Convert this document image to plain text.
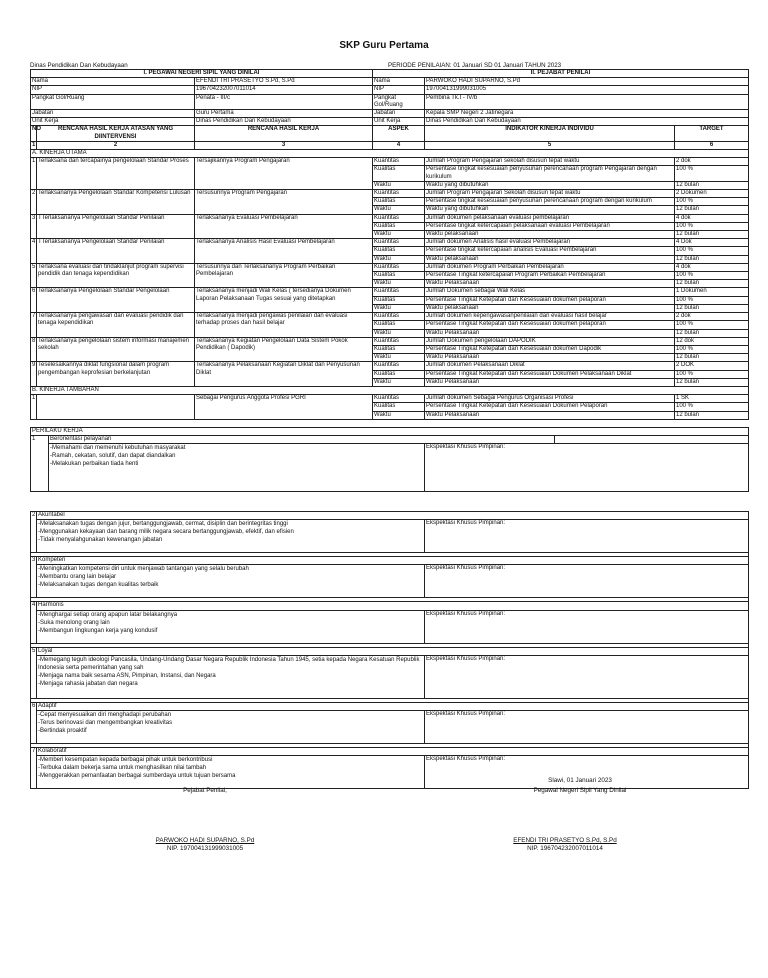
SKP Guru Pertama
Dinas Pendidikan Dan Kebudayaan	PERIODE PENILAIAN: 01 Januari SD 01 Januari TAHUN 2023
I. PEGAWAI NEGERI SIPIL YANG DINILAI			II. PEJABAT PENILAI		
Nama		EFENDI TRI PRASETYO S.Pd, S.Pd	Nama	PARWOKO HADI SUPARNO, S.Pd	
NIP		196704232007011014	NIP	197004131999031005	
Pangkat Gol/Ruang		Penata - III/c	Pangkat Gol/Ruang	Pembina Tk.I - IV/b	
Jabatan		Guru Pertama	Jabatan	Kepala SMP Negeri 2 Jatinegara	
Unit Kerja		Dinas Pendidikan Dan Kebudayaan	Unit Kerja	Dinas Pendidikan Dan Kebudayaan	
NO	RENCANA HASIL KERJA ATASAN YANG DIINTERVENSI	RENCANA HASIL KERJA	ASPEK	INDIKATOR KINERJA INDIVIDU	TARGET
1	2	3	4	5	6
A. KINERJA UTAMA					
1	Terlaksana dan tercapainya pengelolaan Standar Proses	Tersajikannya Program Pengajaran	Kuantitas	Jumlah Program Pengajaran sekolah disusun tepat waktu	2 dok
			Kualitas	Persentase tingkat kesesuaian penyusunan perencanaan program Pengajaran dengan kurikulum	100 %
			Waktu	Waktu yang dibutuhkan	12 bulan
2	Terlaksananya Pengelolaan Standar Kompetensi Lulusan	Tersusunnya Program Pengajaran	Kuantitas	Jumlah Program Pengajaran Sekolah disusun tepat waktu	2 Dokumen
			Kualitas	Persentase tingkat kesesuaian penyusunan perencanaan program dengan kurikulum	100 %
			Waktu	Waktu yang dibutuhkan	12 bulan
3	TTerlaksananya Pengelolaan Standar Penilaian	Terlaksananya Evaluasi Pembelajaran	Kuantitas	Jumlah dokumen pelaksanaan evaluasi pembelajaran	4 dok
			Kualitas	Persentase tingkat ketercapaian pelaksanaan evaluasi Pembelajaran	100 %
			Waktu	Waktu pelaksanaan	12 bulan
4	TTerlaksananya Pengelolaan Standar Penilaian	Terlaksananya Analisis Hasil Evaluasi Pembelajaran	Kuantitas	Jumlah dokumen Analisis hasil evaluasi Pembelajaran	4 Dok
			Kualitas	Persentase tingkat ketercapaian analisis Evaluasi Pembelajaran	100 %
			Waktu	Waktu pelaksanaan	12 bulan
5	Terlaksana evaluasi dan tindaklanjut program supervisi pendidik dan tenaga kependidikan	Tersusunnya dan Terlaksananya Program Perbaikan Pembelajaran	Kuantitas	Jumlah dokumen Program Perbaikan Pembelajaran	4 dok
			Kualitas	Persentase Tingkat ketercapaian Program Perbaikan Pembelajaran	100 %
			Waktu	Waktu Pelaksanaan	12 bulan
6	Terlaksananya Pengelolaan Standar Pengelolaan	Terlaksananya menjadi Wali Kelas ( tersedianya Dokumen Laporan Pelaksanaan Tugas sesuai yang ditetapkan	Kuantitas	Jumlah Dokumen sebagai Wali Kelas	1 Dokumen
			Kualitas	Persentase Tingkat Ketepatan dan Kesesuaian dokumen pelaporan	100 %
			Waktu	Waktu pelaksanaan	12 bulan
7	Terlaksananya pengawasan dan evaluasi pendidik dan tenaga kependidikan	Terlaksananya menjadi pengawas penilaian dan evaluasi terhadap proses dan hasil belajar	Kuantitas	Jumlah dokumen kepengawasanpenilaian dan evaluasi hasil belajar	2 dok
			Kualitas	Persentase Tingkat Ketepatan dan Kesesuaian dokumen pelaporan	100 %
			Waktu	Waktu Pelaksanaan	12 bulan
8	Terlaksananya pengelolaan sistem informasi manajemen sekolah	Terlaksananya Kegiatan Pengelolaan Data Sistem Pokok Pendidikan ( Dapodik)	Kuantitas	Jumlah Dokumen pengelolaan DAPODIK	12 dok
			Kualitas	Persentase Tingkat Ketepatan dan Kesesuaian dokumen Dapodik	100 %
			Waktu	Waktu Pelaksanaan	12 bulan
9	Teselesaikannya diklat fungsional dalam program pengembangan keprofesian berkelanjutan	Terlaksananya Pelaksanaan Kegiatan Diklat dan Penyusunan Diklat	Kuantitas	Jumlah dokumen Pelaksanaan Diklat	2 DOK
			Kualitas	Persentase Tingkat Ketepatan dan Kesesuaian Dokumen Pelaksanaan Diklat	100 %
			Waktu	Waktu Pelaksanaan	12 bulan
B. KINERJA TAMBAHAN					
1		Sebagai Pengurus Anggota Profesi PGRI	Kuantitas	Jumlah dokumen Sebagai Pengurus Organisasi Profesi	1 SK
			Kualitas	Persentase Tingkat Ketepatan dan Kesesuaian Dokumen Pelaporan	100 %
			Waktu	Waktu Pelaksanaan	12 bulan
PERILAKU KERJA			
1	Berorientasi pelayanan		

	-Memahami dan memenuhi kebutuhan masyarakat
-Ramah, cekatan, solutif, dan dapat diandalkan
-Melakukan perbaikan tiada henti	Ekspektasi Khusus Pimpinan:	
2	Akuntabel	

	-Melaksanakan tugas dengan jujur, bertanggungjawab, cermat, disiplin dan berintegritas tinggi
-Menggunakan kekayaan dan barang milik negara secara bertanggungjawab, efektif, dan efisien
-Tidak menyalahgunakan kewenangan jabatan	Ekspektasi Khusus Pimpinan:

3	Kompeten	

	-Meningkatkan kompetensi diri untuk menjawab tantangan yang selalu berubah
-Membantu orang lain belajar
-Melaksanakan tugas dengan kualitas terbaik	Ekspektasi Khusus Pimpinan:

4	Harmonis	

	-Menghargai setiap orang apapun latar belakangnya
-Suka menolong orang lain
-Membangun lingkungan kerja yang kondusif	Ekspektasi Khusus Pimpinan:

5	Loyal	

	-Memegang teguh ideologi Pancasila, Undang-Undang Dasar Negara Republik Indonesia Tahun 1945, setia kepada Negara Kesatuan Republik Indonesia serta pemerintahan yang sah
-Menjaga nama baik sesama ASN, Pimpinan, Instansi, dan Negara
-Menjaga rahasia jabatan dan negara	Ekspektasi Khusus Pimpinan:

6	Adaptif	

	-Cepat menyesuaikan diri menghadapi perubahan
-Terus berinovasi dan mengembangkan kreativitas
-Bertindak proaktif	Ekspektasi Khusus Pimpinan:

7	Kolaboratif	

	-Memberi kesempatan kepada berbagai pihak untuk berkontribusi
-Terbuka dalam bekerja sama untuk menghasilkan nilai tambah
-Menggerakkan pemanfaatan berbagai sumberdaya untuk tujuan bersama	Ekspektasi Khusus Pimpinan:
Slawi, 01 Januari 2023
Pegawai Negeri Sipil Yang Dinilai
Pejabat Penilai,
PARWOKO HADI SUPARNO, S.Pd
NIP. 197004131999031005
EFENDI TRI PRASETYO S.Pd, S.Pd
NIP. 196704232007011014
